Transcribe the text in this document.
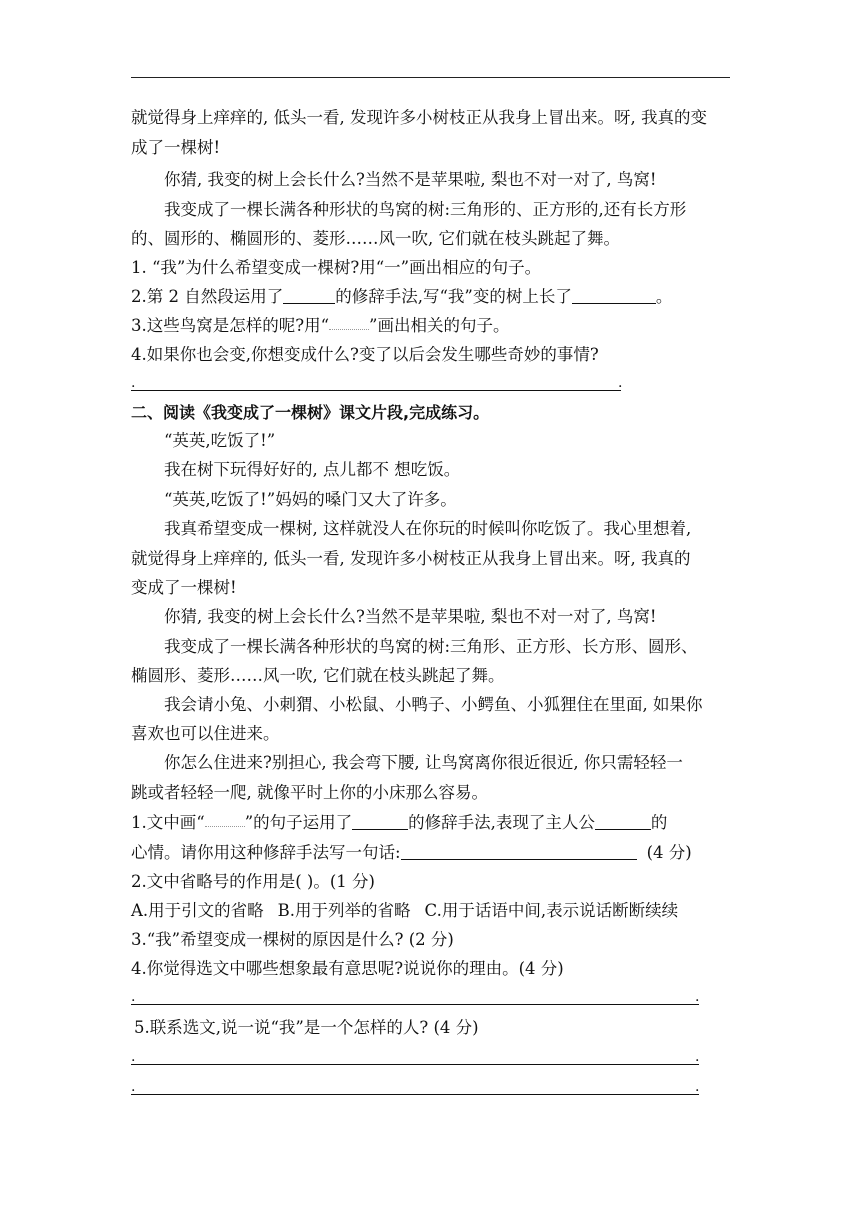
就觉得身上痒痒的, 低头一看, 发现许多小树枝正从我身上冒出来。呀, 我真的变
成了一棵树!
你猜, 我变的树上会长什么?当然不是苹果啦, 梨也不对一对了, 鸟窝!
我变成了一棵长满各种形状的鸟窝的树:三角形的、正方形的,还有长方形
的、圆形的、椭圆形的、菱形……风一吹, 它们就在枝头跳起了舞。
1. “我”为什么希望变成一棵树?用“一”画出相应的句子。
2.第 2 自然段运用了	的修辞手法,写“我”变的树上长了	。
3.这些鸟窝是怎样的呢?用“ ”画出相关的句子。
4.如果你也会变,你想变成什么?变了以后会发生哪些奇妙的事情?
.	.
二、阅读《我变成了一棵树》课文片段,完成练习。
“英英,吃饭了!”
我在树下玩得好好的, 点儿都不 想吃饭。
“英英,吃饭了!”妈妈的嗓门又大了许多。
我真希望变成一棵树, 这样就没人在你玩的时候叫你吃饭了。我心里想着,
就觉得身上痒痒的, 低头一看, 发现许多小树枝正从我身上冒出来。呀, 我真的
变成了一棵树!
你猜, 我变的树上会长什么?当然不是苹果啦, 梨也不对一对了, 鸟窝!
我变成了一棵长满各种形状的鸟窝的树:三角形、正方形、长方形、圆形、
椭圆形、菱形……风一吹, 它们就在枝头跳起了舞。
我会请小兔、小刺猬、小松鼠、小鸭子、小鳄鱼、小狐狸住在里面, 如果你
喜欢也可以住进来。
你怎么住进来?别担心, 我会弯下腰, 让鸟窝离你很近很近, 你只需轻轻一
跳或者轻轻一爬, 就像平时上你的小床那么容易。
1.文中画“ ”的句子运用了	的修辞手法,表现了主人公	的
心情。请你用这种修辞手法写一句话:	(4 分)
2.文中省略号的作用是( )。(1 分)
A.用于引文的省略 B.用于列举的省略 C.用于话语中间,表示说话断断续续
3.“我”希望变成一棵树的原因是什么? (2 分)
4.你觉得选文中哪些想象最有意思呢?说说你的理由。(4 分)
.	.
5.联系选文,说一说“我”是一个怎样的人? (4 分)
.	.
.	.
